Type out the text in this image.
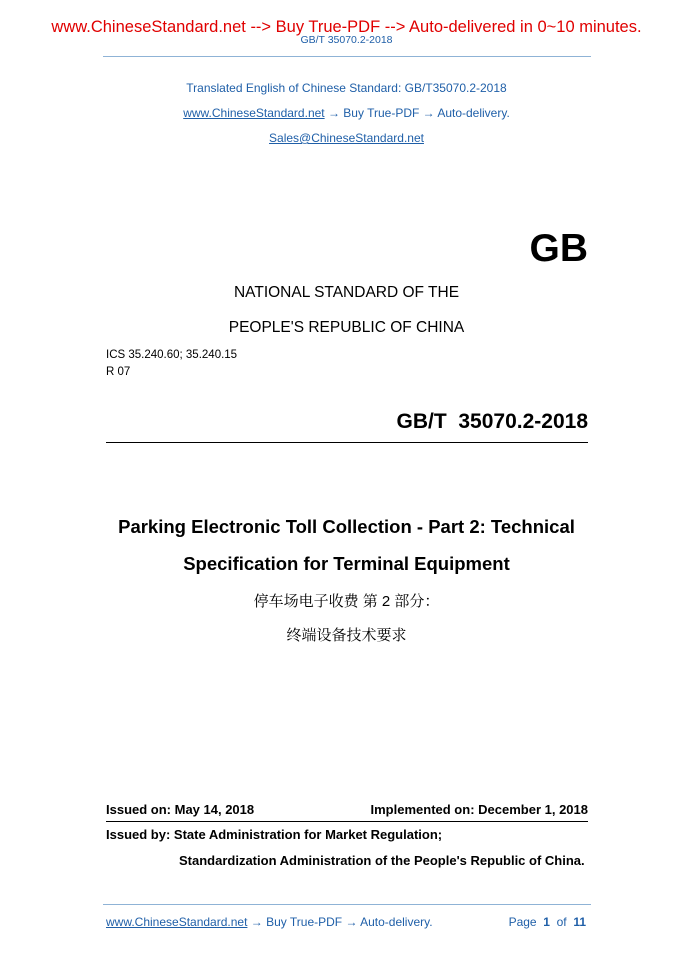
www.ChineseStandard.net --> Buy True-PDF --> Auto-delivered in 0~10 minutes.
GB/T 35070.2-2018
Translated English of Chinese Standard: GB/T35070.2-2018
www.ChineseStandard.net → Buy True-PDF → Auto-delivery.
Sales@ChineseStandard.net
GB
NATIONAL STANDARD OF THE
PEOPLE'S REPUBLIC OF CHINA
ICS 35.240.60; 35.240.15
R 07
GB/T  35070.2-2018
Parking Electronic Toll Collection - Part 2: Technical
Specification for Terminal Equipment
停车场电子收费 第 2 部分：
终端设备技术要求
Issued on: May 14, 2018	Implemented on: December 1, 2018
Issued by: State Administration for Market Regulation;
Standardization Administration of the People's Republic of China.
www.ChineseStandard.net → Buy True-PDF → Auto-delivery.	Page 1 of 11
